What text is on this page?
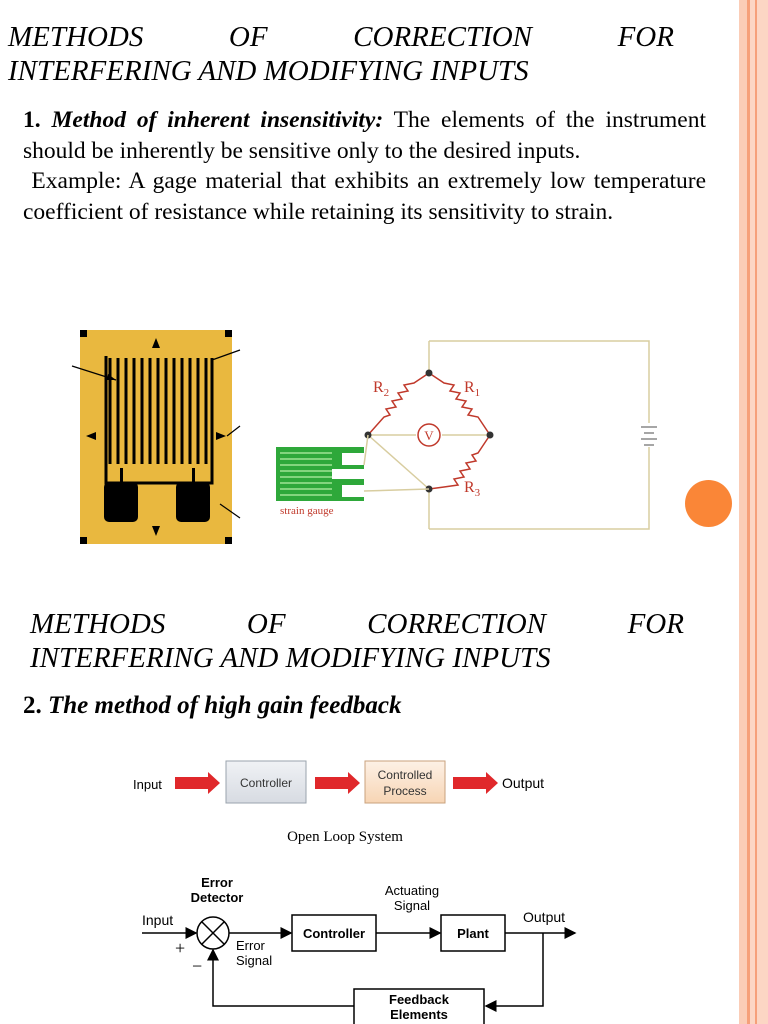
METHODS	OF	CORRECTION	FOR
INTERFERING AND MODIFYING INPUTS
1. Method of inherent insensitivity: The elements of the instrument should be inherently be sensitive only to the desired inputs.
Example: A gage material that exhibits an extremely low temperature coefficient of resistance while retaining its sensitivity to strain.
V
$R_2$	$R_1$
$R_3$
strain gauge
METHODS	OF	CORRECTION	FOR
INTERFERING AND MODIFYING INPUTS
2. The method of high gain feedback
Input	Controller
Controlled
Process	Output
Open Loop System
Error
Detector
Input
+
−
Error
Signal
Controller
Actuating
Signal
Plant
Output
Feedback
Elements
